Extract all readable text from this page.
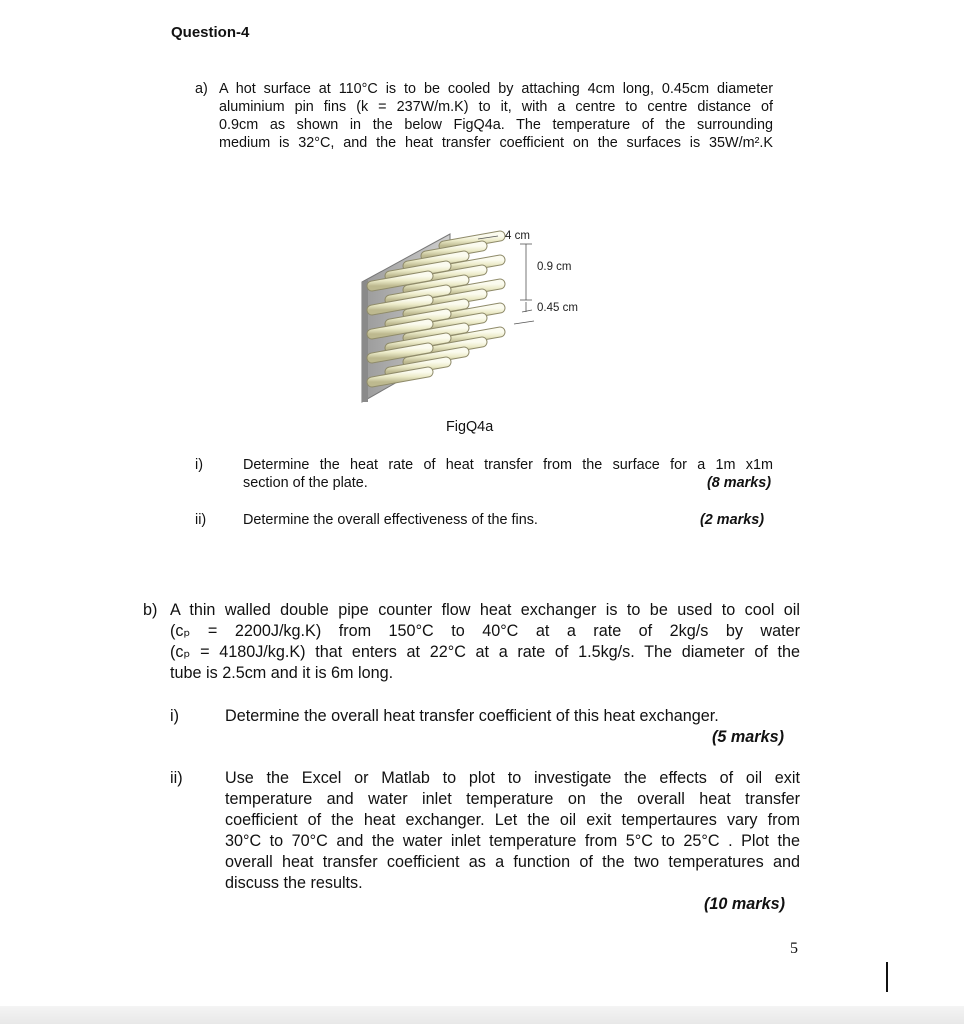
Question-4
a) A hot surface at 110°C is to be cooled by attaching 4cm long, 0.45cm diameter
aluminium pin fins (k = 237W/m.K) to it, with a centre to centre distance of
0.9cm as shown in the below FigQ4a. The temperature of the surrounding
medium is 32°C, and the heat transfer coefficient on the surfaces is 35W/m².K
4 cm
0.9 cm
0.45 cm
FigQ4a
i)	Determine the heat rate of heat transfer from the surface for a 1m x1m
section of the plate.	(8 marks)
ii)	Determine the overall effectiveness of the fins.	(2 marks)
b) A thin walled double pipe counter flow heat exchanger is to be used to cool oil
(cₚ = 2200J/kg.K) from 150°C to 40°C at a rate of 2kg/s by water
(cₚ = 4180J/kg.K) that enters at 22°C at a rate of 1.5kg/s. The diameter of the
tube is 2.5cm and it is 6m long.
i)	Determine the overall heat transfer coefficient of this heat exchanger.
(5 marks)
ii)	Use the Excel or Matlab to plot to investigate the effects of oil exit
temperature and water inlet temperature on the overall heat transfer
coefficient of the heat exchanger. Let the oil exit tempertaures vary from
30°C to 70°C and the water inlet temperature from 5°C to 25°C . Plot the
overall heat transfer coefficient as a function of the two temperatures and
discuss the results.
(10 marks)
5
